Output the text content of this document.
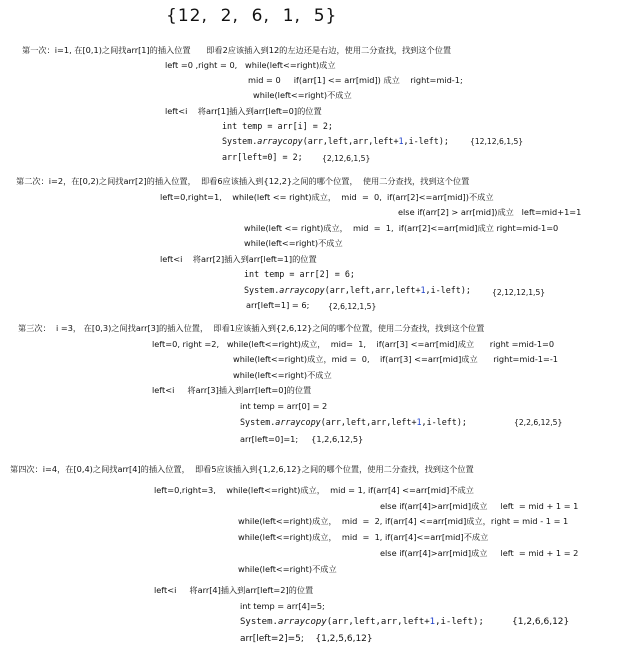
{12,  2,  6,  1,  5}
第一次：i=1, 在[0,1)之间找arr[1]的插入位置      即看2应该插入到12的左边还是右边，使用二分查找，找到这个位置
left =0 ,right = 0,   while(left<=right)成立
mid = 0     if(arr[1] <= arr[mid]) 成立    right=mid-1;
while(left<=right)不成立
left<i    将arr[1]插入到arr[left=0]的位置
int temp = arr[i] = 2;
System.arraycopy(arr,left,arr,left+1,i-left);	{12,12,6,1,5}
arr[left=0] = 2;	{2,12,6,1,5}
第二次：i=2，在[0,2)之间找arr[2]的插入位置，  即看6应该插入到{12,2}之间的哪个位置，  使用二分查找，找到这个位置
left=0,right=1,    while(left <= right)成立，  mid  =  0,  if(arr[2]<=arr[mid])不成立
else if(arr[2] > arr[mid])成立   left=mid+1=1
while(left <= right)成立，  mid  =  1,  if(arr[2]<=arr[mid]成立 right=mid-1=0
while(left<=right)不成立
left<i    将arr[2]插入到arr[left=1]的位置
int temp = arr[2] = 6;
System.arraycopy(arr,left,arr,left+1,i-left);	{2,12,12,1,5}
arr[left=1] = 6; {2,6,12,1,5}
第三次：  i =3， 在[0,3)之间找arr[3]的插入位置，  即看1应该插入到{2,6,12}之间的哪个位置，使用二分查找，找到这个位置
left=0, right =2,   while(left<=right)成立，  mid=  1,    if(arr[3] <=arr[mid]成立      right =mid-1=0
while(left<=right)成立，mid =  0,    if(arr[3] <=arr[mid]成立      right=mid-1=-1
while(left<=right)不成立
left<i     将arr[3]插入到arr[left=0]的位置
int temp = arr[0] = 2
System.arraycopy(arr,left,arr,left+1,i-left);	{2,2,6,12,5}
arr[left=0]=1;     {1,2,6,12,5}
第四次：i=4，在[0,4)之间找arr[4]的插入位置，  即看5应该插入到{1,2,6,12}之间的哪个位置，使用二分查找，找到这个位置
left=0,right=3,    while(left<=right)成立，  mid = 1, if(arr[4] <=arr[mid]不成立
else if(arr[4]>arr[mid]成立     left  = mid + 1 = 1
while(left<=right)成立，  mid  =  2, if(arr[4] <=arr[mid]成立，right = mid - 1 = 1
while(left<=right)成立，  mid  =  1, if(arr[4]<=arr[mid]不成立
else if(arr[4]>arr[mid]成立     left  = mid + 1 = 2
while(left<=right)不成立
left<i     将arr[4]插入到arr[left=2]的位置
int temp = arr[4]=5;
System.arraycopy(arr,left,arr,left+1,i-left);	{1,2,6,6,12}
arr[left=2]=5;    {1,2,5,6,12}
